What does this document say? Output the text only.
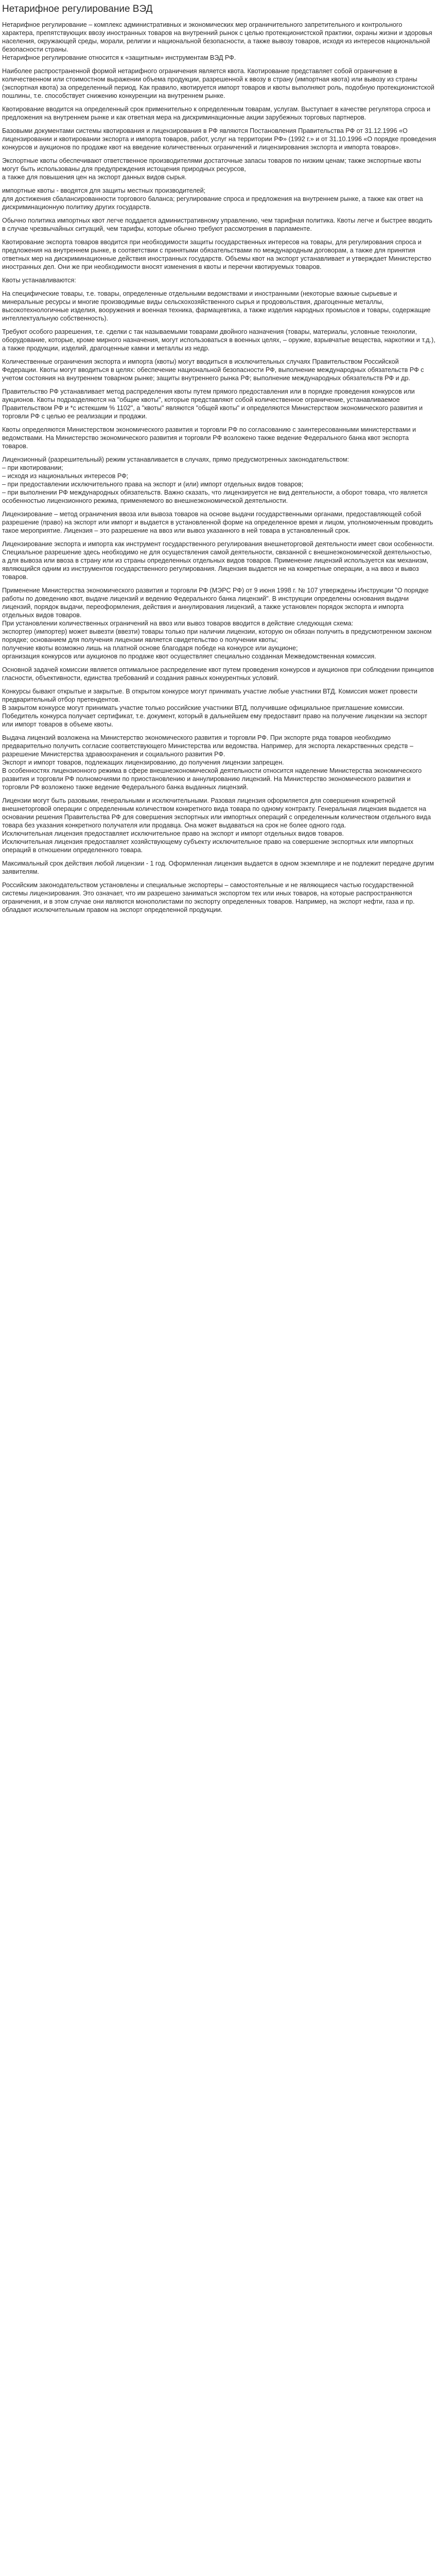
Нетарифное регулирование ВЭД

Нетарифное регулирование – комплекс административных и экономических мер ограничительного запретительного и контрольного характера, препятствующих ввозу иностранных товаров на внутренний рынок с целью протекционистской практики, охраны жизни и здоровья населения, окружающей среды, морали, религии и национальной безопасности, а также вывозу товаров, исходя из интересов национальной безопасности страны.
Нетарифное регулирование относится к «защитным» инструментам ВЭД РФ.

Наиболее распространенной формой нетарифного ограничения является квота. Квотирование представляет собой ограничение в количественном или стоимостном выражении объема продукции, разрешенной к ввозу в страну (импортная квота) или вывозу из страны (экспортная квота) за определенный период. Как правило, квотируется импорт товаров и квоты выполняют роль, подобную протекционистской пошлины, т.е. способствует снижению конкуренции на внутреннем рынке.

Квотирование вводится на определенный срок применительно к определенным товарам, услугам. Выступает в качестве регулятора спроса и предложения на внутреннем рынке и как ответная мера на дискриминационные акции зарубежных торговых партнеров.

Базовыми документами системы квотирования и лицензирования в РФ являются Постановления Правительства РФ от 31.12.1996 «О лицензировании и квотировании экспорта и импорта товаров, работ, услуг на территории РФ» (1992 г.» и от 31.10.1996 «О порядке проведения конкурсов и аукционов по продаже квот на введение количественных ограничений и лицензирования экспорта и импорта товаров».

Экспортные квоты обеспечивают ответственное производителями достаточные запасы товаров по низким ценам; также экспортные квоты могут быть использованы для предупреждения истощения природных ресурсов,
а также для повышения цен на экспорт данных видов сырья.

импортные квоты - вводятся для защиты местных производителей;
для достижения сбалансированности торгового баланса; регулирование спроса и предложения на внутреннем рынке, а также как ответ на дискриминационную политику других государств.

Обычно политика импортных квот легче поддается административному управлению, чем тарифная политика. Квоты легче и быстрее вводить в случае чрезвычайных ситуаций, чем тарифы, которые обычно требуют рассмотрения в парламенте.

Квотирование экспорта товаров вводится при необходимости защиты государственных интересов на товары, для регулирования спроса и предложения на внутреннем рынке, в соответствии с принятыми обязательствами по международным договорам, а также для принятия ответных мер на дискриминационные действия иностранных государств. Объемы квот на экспорт устанавливает и утверждает Министерство иностранных дел. Они же при необходимости вносят изменения в квоты и перечни квотируемых товаров.

Квоты устанавливаются:

На специфические товары, т.е. товары, определенные отдельными ведомствами и иностранными (некоторые важные сырьевые и минеральные ресурсы и многие производимые виды сельскохозяйственного сырья и продовольствия, драгоценные металлы, высокотехнологичные изделия, вооружения и военная техника, фармацевтика, а также изделия народных промыслов и товары, содержащие интеллектуальную собственность).

Требуют особого разрешения, т.е. сделки с так называемыми товарами двойного назначения (товары, материалы, условные технологии, оборудование, которые, кроме мирного назначения, могут использоваться в военных целях, – оружие, взрывчатые вещества, наркотики и т.д.), а также продукции, изделий, драгоценные камни и металлы из недр.

Количественные ограничения экспорта и импорта (квоты) могут вводиться в исключительных случаях Правительством Российской Федерации. Квоты могут вводиться в целях: обеспечение национальной безопасности РФ, выполнение международных обязательств РФ с учетом состояния на внутреннем товарном рынке; защиты внутреннего рынка РФ; выполнение международных обязательств РФ и др.

Правительство РФ устанавливает метод распределения квоты путем прямого предоставления или в порядке проведения конкурсов или аукционов. Квоты подразделяются на "общие квоты", которые представляют собой количественное ограничение, устанавливаемое Правительством РФ и *с истекшим % 1102", а "квоты" являются "общей квоты" и определяются Министерством экономического развития и торговли РФ с целью ее реализации и продажи.

Квоты определяются Министерством экономического развития и торговли РФ по согласованию с заинтересованными министерствами и ведомствами. На Министерство экономического развития и торговли РФ возложено также ведение Федерального банка квот экспорта товаров.

Лицензионный (разрешительный) режим устанавливается в случаях, прямо предусмотренных законодательством:
– при квотировании;
– исходя из национальных интересов РФ;
– при предоставлении исключительного права на экспорт и (или) импорт отдельных видов товаров;
– при выполнении РФ международных обязательств. Важно сказать, что лицензируется не вид деятельности, а оборот товара, что является особенностью лицензионного режима, применяемого во внешнеэкономической деятельности.

Лицензирование – метод ограничения ввоза или вывоза товаров на основе выдачи государственными органами, предоставляющей собой разрешение (право) на экспорт или импорт и выдается в установленной форме на определенное время и лицом, уполномоченным проводить такое мероприятие. Лицензия – это разрешение на ввоз или вывоз указанного в ней товара в установленный срок.

Лицензирование экспорта и импорта как инструмент государственного регулирования внешнеторговой деятельности имеет свои особенности. Специальное разрешение здесь необходимо не для осуществления самой деятельности, связанной с внешнеэкономической деятельностью, а для вывоза или ввоза в страну или из страны определенных отдельных видов товаров. Применение лицензий используется как механизм, являющийся одним из инструментов государственного регулирования. Лицензия выдается не на конкретные операции, а на ввоз и вывоз товаров.

Применение Министерства экономического развития и торговли РФ (МЭРС РФ) от 9 июня 1998 г. № 107 утверждены Инструкции "О порядке работы по доведению квот, выдаче лицензий и ведению Федерального банка лицензий". В инструкции определены основания выдачи лицензий, порядок выдачи, переоформления, действия и аннулирования лицензий, а также установлен порядок экспорта и импорта отдельных видов товаров.
При установлении количественных ограничений на ввоз или вывоз товаров вводится в действие следующая схема:
экспортер (импортер) может вывезти (ввезти) товары только при наличии лицензии, которую он обязан получить в предусмотренном законом порядке; основанием для получения лицензии является свидетельство о получении квоты;
получение квоты возможно лишь на платной основе благодаря победе на конкурсе или аукционе;
организация конкурсов или аукционов по продаже квот осуществляет специально созданная Межведомственная комиссия.

Основной задачей комиссии является оптимальное распределение квот путем проведения конкурсов и аукционов при соблюдении принципов гласности, объективности, единства требований и создания равных конкурентных условий.

Конкурсы бывают открытые и закрытые. В открытом конкурсе могут принимать участие любые участники ВТД. Комиссия может провести предварительный отбор претендентов.
В закрытом конкурсе могут принимать участие только российские участники ВТД, получившие официальное приглашение комиссии.
Победитель конкурса получает сертификат, т.е. документ, который в дальнейшем ему предоставит право на получение лицензии на экспорт или импорт товаров в объеме квоты.

Выдача лицензий возложена на Министерство экономического развития и торговли РФ. При экспорте ряда товаров необходимо предварительно получить согласие соответствующего Министерства или ведомства. Например, для экспорта лекарственных средств – разрешение Министерства здравоохранения и социального развития РФ.
Экспорт и импорт товаров, подлежащих лицензированию, до получения лицензии запрещен.
В особенностях лицензионного режима в сфере внешнеэкономической деятельности относится наделение Министерства экономического развития и торговли РФ полномочиями по приостановлению и аннулированию лицензий. На Министерство экономического развития и торговли РФ возложено также ведение Федерального банка выданных лицензий.

Лицензии могут быть разовыми, генеральными и исключительными. Разовая лицензия оформляется для совершения конкретной внешнеторговой операции с определенным количеством конкретного вида товара по одному контракту. Генеральная лицензия выдается на основании решения Правительства РФ для совершения экспортных или импортных операций с определенным количеством отдельного вида товара без указания конкретного получателя или продавца. Она может выдаваться на срок не более одного года.
Исключительная лицензия предоставляет исключительное право на экспорт и импорт отдельных видов товаров.
Исключительная лицензия предоставляет хозяйствующему субъекту исключительное право на совершение экспортных или импортных операций в отношении определенного товара.

Максимальный срок действия любой лицензии - 1 год. Оформленная лицензия выдается в одном экземпляре и не подлежит передаче другим заявителям.

Российским законодательством установлены и специальные экспортеры – самостоятельные и не являющиеся частью государственной системы лицензирования. Это означает, что им разрешено заниматься экспортом тех или иных товаров, на которые распространяются ограничения, и в этом случае они являются монополистами по экспорту определенных товаров. Например, на экспорт нефти, газа и пр. обладают исключительным правом на экспорт определенной продукции.
